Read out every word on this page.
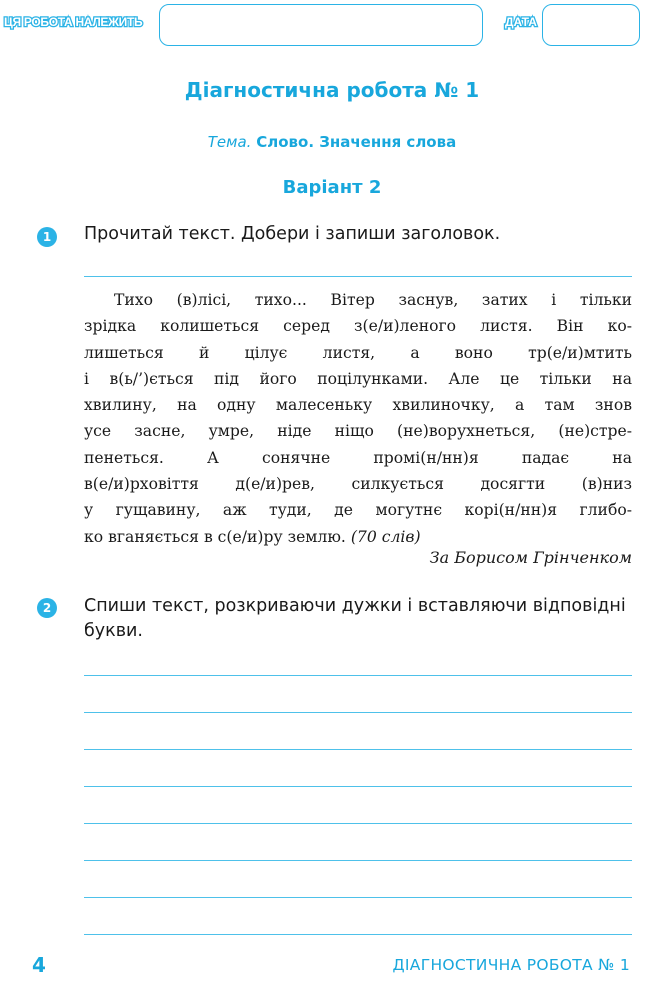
ЦЯ РОБОТА НАЛЕЖИТЬ	ДАТА
Діагностична робота № 1
Тема. Слово. Значення слова
Варіант 2
1	Прочитай текст. Добери і запиши заголовок.
Тихо (в)лісі, тихо... Вітер заснув, затих і тільки
зрідка колишеться серед з(е/и)леного листя. Він ко-
лишеться й цілує листя, а воно тр(е/и)мтить
і в(ь/’)ється під його поцілунками. Але це тільки на
хвилину, на одну малесеньку хвилиночку, а там знов
усе засне, умре, ніде ніщо (не)ворухнеться, (не)стре-
пенеться. А сонячне промі(н/нн)я падає на
в(е/и)рховіття д(е/и)рев, силкується досягти (в)низ
у гущавину, аж туди, де могутнє корі(н/нн)я глибо-
ко вганяється в с(е/и)ру землю. (70 слів)
За Борисом Грінченком
2	Спиши текст, розкриваючи дужки і вставляючи відповідні букви.
4	ДІАГНОСТИЧНА РОБОТА № 1
